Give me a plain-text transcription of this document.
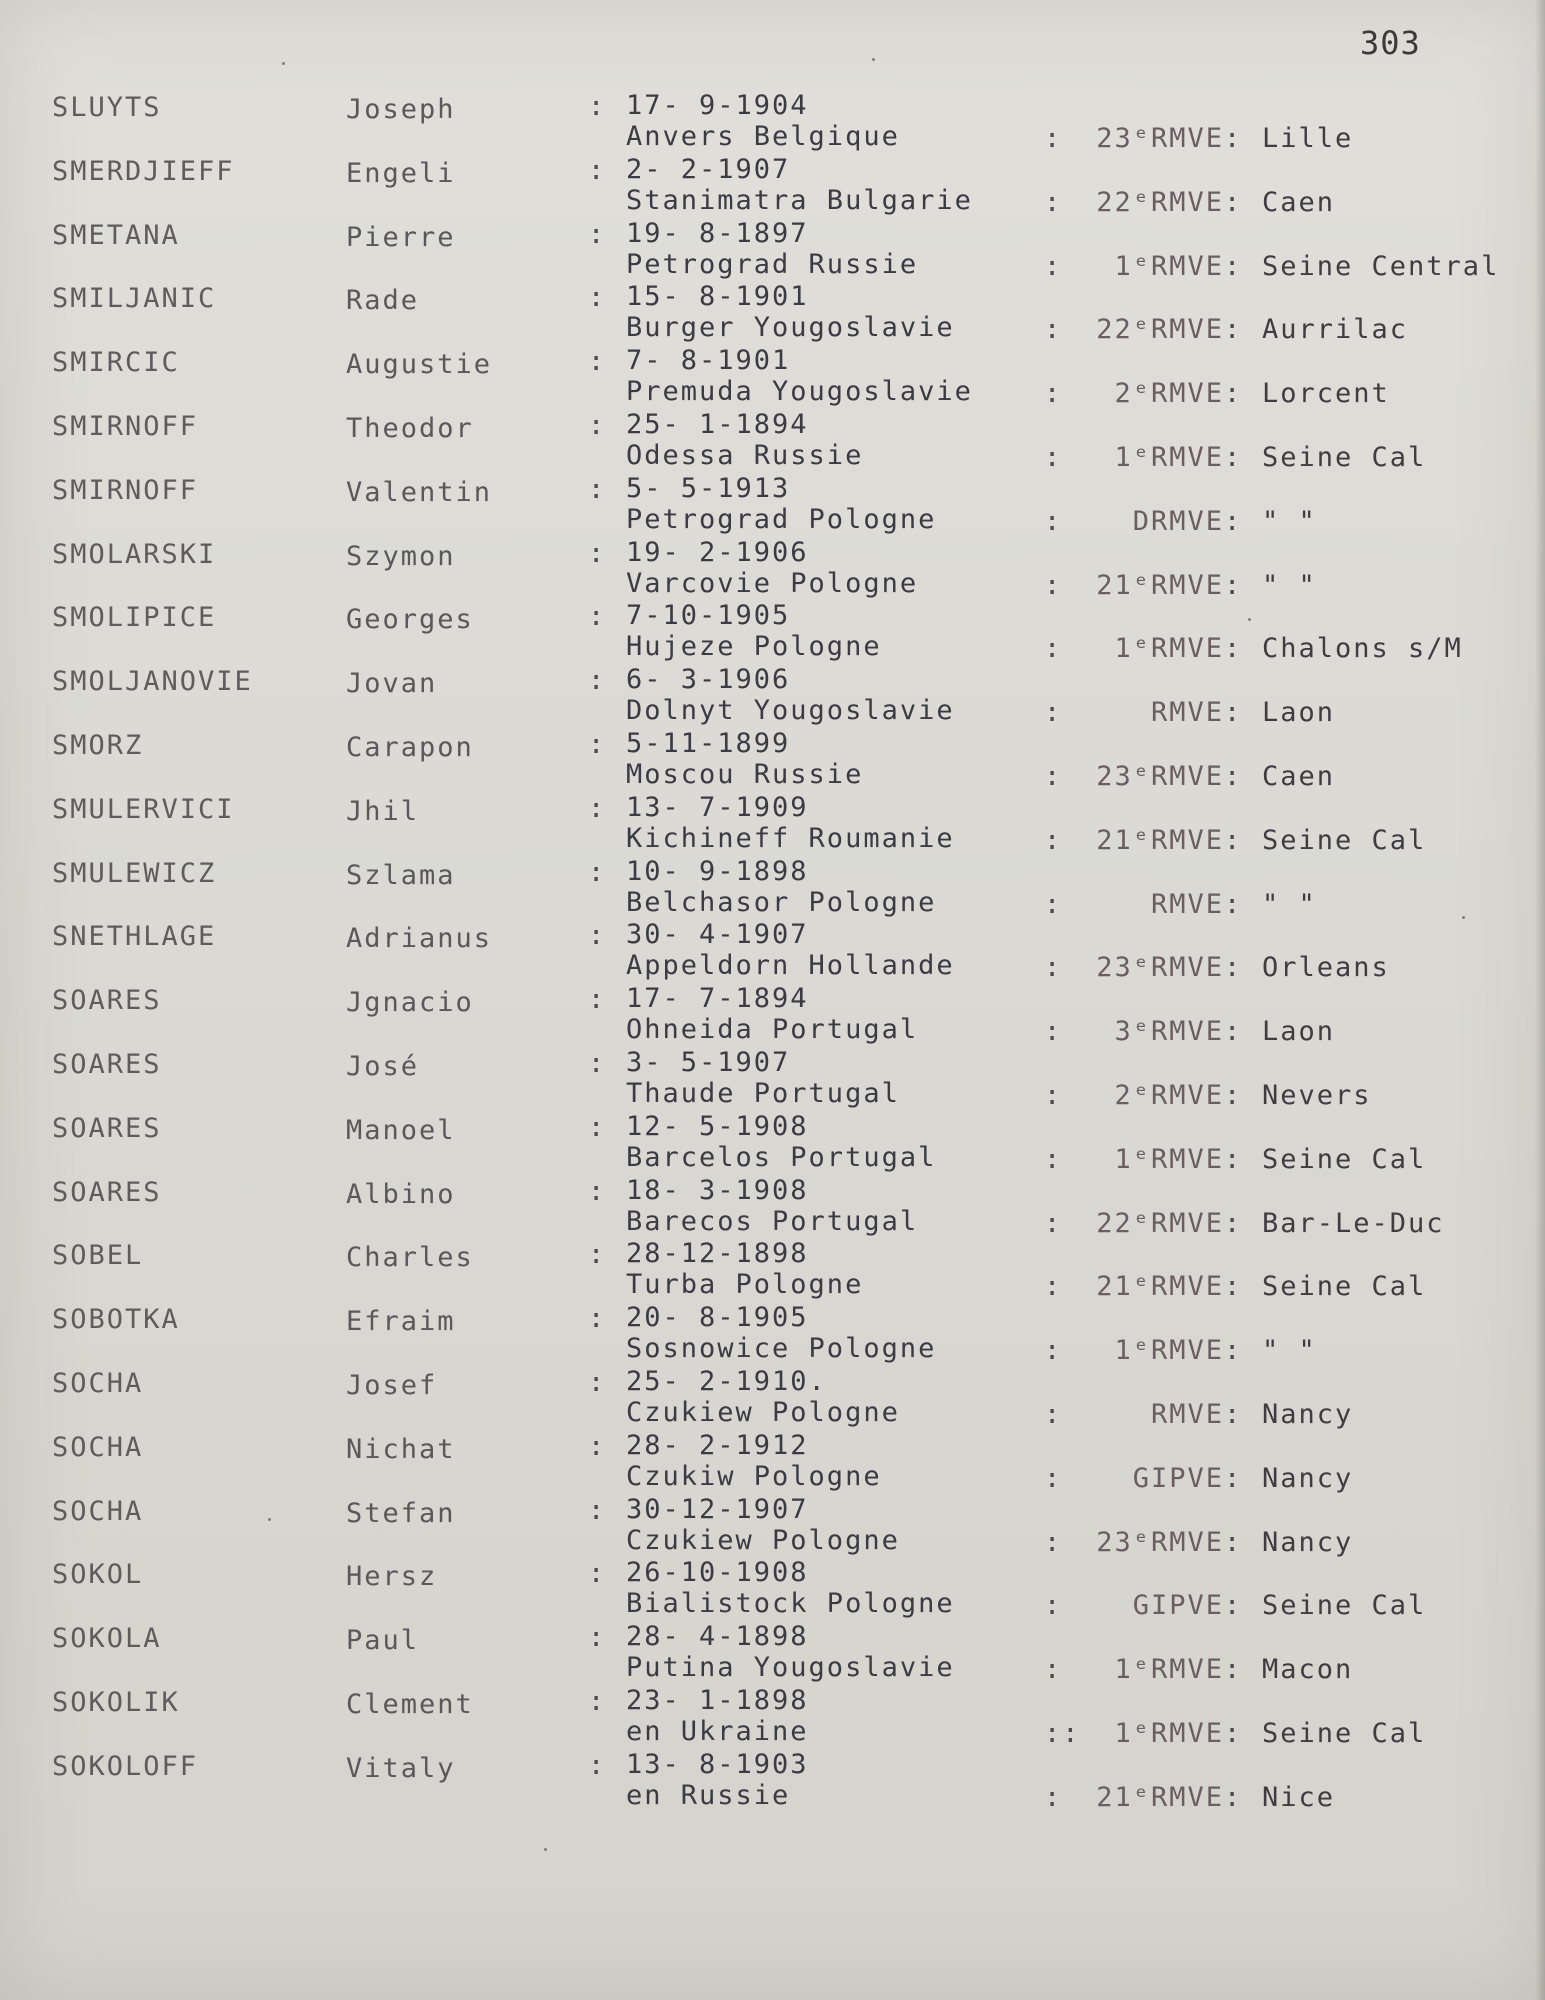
303
SLUYTS	Joseph	: 17- 9-1904
Anvers Belgique	:	23ᵉRMVE : Lille
SMERDJIEFF	Engeli	: 2- 2-1907
Stanimatra Bulgarie	:	22ᵉRMVE : Caen
SMETANA	Pierre	: 19- 8-1897
Petrograd Russie	:	1ᵉRMVE : Seine Central
SMILJANIC	Rade	: 15- 8-1901
Burger Yougoslavie	:	22ᵉRMVE : Aurrilac
SMIRCIC	Augustie	: 7- 8-1901
Premuda Yougoslavie	:	2ᵉRMVE : Lorcent
SMIRNOFF	Theodor	: 25- 1-1894
Odessa Russie	:	1ᵉRMVE : Seine Cal
SMIRNOFF	Valentin	: 5- 5-1913
Petrograd Pologne	:	DRMVE : " "
SMOLARSKI	Szymon	: 19- 2-1906
Varcovie Pologne	:	21ᵉRMVE : " "
SMOLIPICE	Georges	: 7-10-1905
Hujeze Pologne	:	1ᵉRMVE : Chalons s/M
SMOLJANOVIE	Jovan	: 6- 3-1906
Dolnyt Yougoslavie	:	RMVE : Laon
SMORZ	Carapon	: 5-11-1899
Moscou Russie	:	23ᵉRMVE : Caen
SMULERVICI	Jhil	: 13- 7-1909
Kichineff Roumanie	:	21ᵉRMVE : Seine Cal
SMULEWICZ	Szlama	: 10- 9-1898
Belchasor Pologne	:	RMVE : " "
SNETHLAGE	Adrianus	: 30- 4-1907
Appeldorn Hollande	:	23ᵉRMVE : Orleans
SOARES	Jgnacio	: 17- 7-1894
Ohneida Portugal	:	3ᵉRMVE : Laon
SOARES	José	: 3- 5-1907
Thaude Portugal	:	2ᵉRMVE : Nevers
SOARES	Manoel	: 12- 5-1908
Barcelos Portugal	:	1ᵉRMVE : Seine Cal
SOARES	Albino	: 18- 3-1908
Barecos Portugal	:	22ᵉRMVE : Bar-Le-Duc
SOBEL	Charles	: 28-12-1898
Turba Pologne	:	21ᵉRMVE : Seine Cal
SOBOTKA	Efraim	: 20- 8-1905
Sosnowice Pologne	:	1ᵉRMVE : " "
SOCHA	Josef	: 25- 2-1910.
Czukiew Pologne	:	RMVE : Nancy
SOCHA	Nichat	: 28- 2-1912
Czukiw Pologne	:	GIPVE : Nancy
SOCHA	Stefan	: 30-12-1907
Czukiew Pologne	:	23ᵉRMVE : Nancy
SOKOL	Hersz	: 26-10-1908
Bialistock Pologne	:	GIPVE : Seine Cal
SOKOLA	Paul	: 28- 4-1898
Putina Yougoslavie	:	1ᵉRMVE : Macon
SOKOLIK	Clement	: 23- 1-1898
en Ukraine	::	1ᵉRMVE : Seine Cal
SOKOLOFF	Vitaly	: 13- 8-1903
en Russie	:	21ᵉRMVE : Nice
